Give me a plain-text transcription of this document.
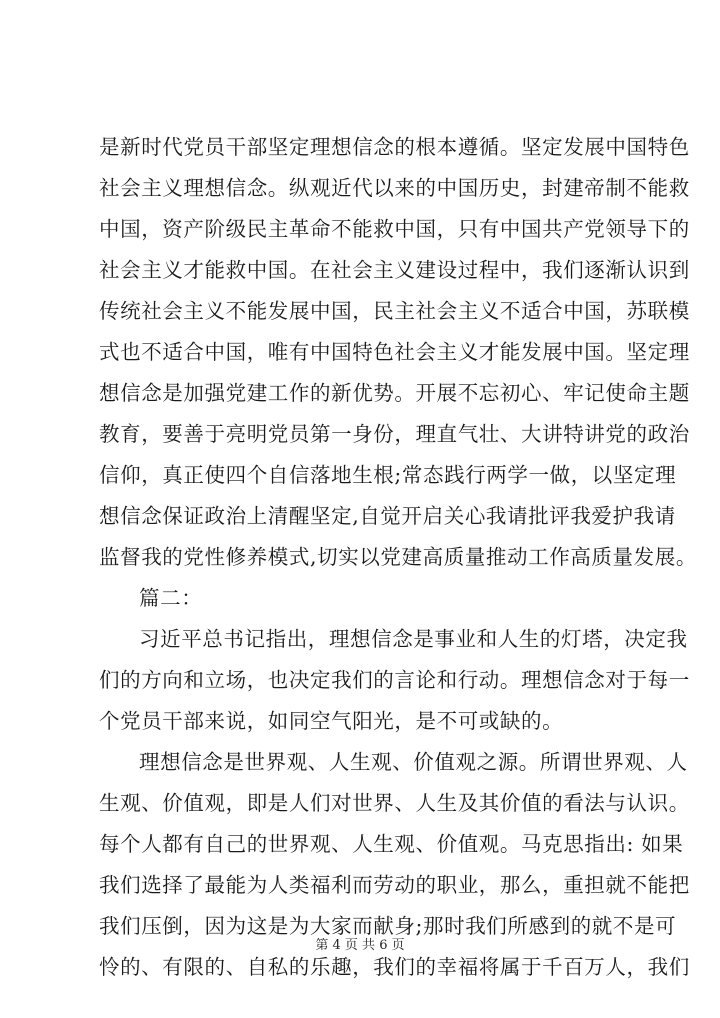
是新时代党员干部坚定理想信念的根本遵循。坚定发展中国特色
社会主义理想信念。纵观近代以来的中国历史，封建帝制不能救
中国，资产阶级民主革命不能救中国，只有中国共产党领导下的
社会主义才能救中国。在社会主义建设过程中，我们逐渐认识到
传统社会主义不能发展中国，民主社会主义不适合中国，苏联模
式也不适合中国，唯有中国特色社会主义才能发展中国。坚定理
想信念是加强党建工作的新优势。开展不忘初心、牢记使命主题
教育，要善于亮明党员第一身份，理直气壮、大讲特讲党的政治
信仰，真正使四个自信落地生根;常态践行两学一做，以坚定理
想信念保证政治上清醒坚定,自觉开启关心我请批评我爱护我请
监督我的党性修养模式,切实以党建高质量推动工作高质量发展。
篇二：
习近平总书记指出，理想信念是事业和人生的灯塔，决定我
们的方向和立场，也决定我们的言论和行动。理想信念对于每一
个党员干部来说，如同空气阳光，是不可或缺的。
理想信念是世界观、人生观、价值观之源。所谓世界观、人
生观、价值观，即是人们对世界、人生及其价值的看法与认识。
每个人都有自己的世界观、人生观、价值观。马克思指出: 如果
我们选择了最能为人类福利而劳动的职业，那么，重担就不能把
我们压倒，因为这是为大家而献身;那时我们所感到的就不是可
怜的、有限的、自私的乐趣，我们的幸福将属于千百万人，我们
第 4 页 共 6 页
